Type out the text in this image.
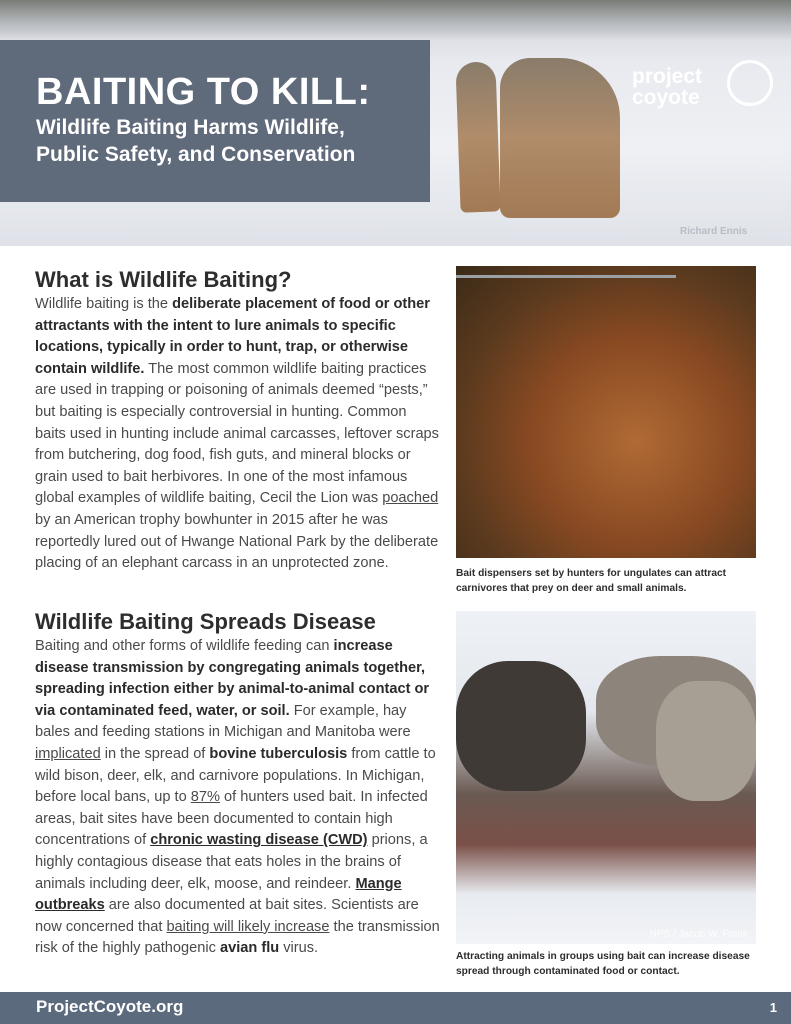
BAITING TO KILL:
Wildlife Baiting Harms Wildlife,
Public Safety, and Conservation
project
coyote
Richard Ennis
What is Wildlife Baiting?

Wildlife baiting is the deliberate placement of food or other attractants with the intent to lure animals to specific locations, typically in order to hunt, trap, or otherwise contain wildlife. The most common wildlife baiting practices are used in trapping or poisoning of animals deemed “pests,” but baiting is especially controversial in hunting. Common baits used in hunting include animal carcasses, leftover scraps from butchering, dog food, fish guts, and mineral blocks or grain used to bait herbivores. In one of the most infamous global examples of wildlife baiting, Cecil the Lion was poached by an American trophy bowhunter in 2015 after he was reportedly lured out of Hwange National Park by the deliberate placing of an elephant carcass in an unprotected zone.

Wildlife Baiting Spreads Disease

Baiting and other forms of wildlife feeding can increase disease transmission by congregating animals together, spreading infection either by animal-to-animal contact or via contaminated feed, water, or soil. For example, hay bales and feeding stations in Michigan and Manitoba were implicated in the spread of bovine tuberculosis from cattle to wild bison, deer, elk, and carnivore populations. In Michigan, before local bans, up to 87% of hunters used bait. In infected areas, bait sites have been documented to contain high concentrations of chronic wasting disease (CWD) prions, a highly contagious disease that eats holes in the brains of animals including deer, elk, moose, and reindeer. Mange outbreaks are also documented at bait sites. Scientists are now concerned that baiting will likely increase the transmission risk of the highly pathogenic avian flu virus.

Bait dispensers set by hunters for ungulates can attract carnivores that prey on deer and small animals.
NPS / Jacob W. Frank
Attracting animals in groups using bait can increase disease spread through contaminated food or contact.
ProjectCoyote.org	1
